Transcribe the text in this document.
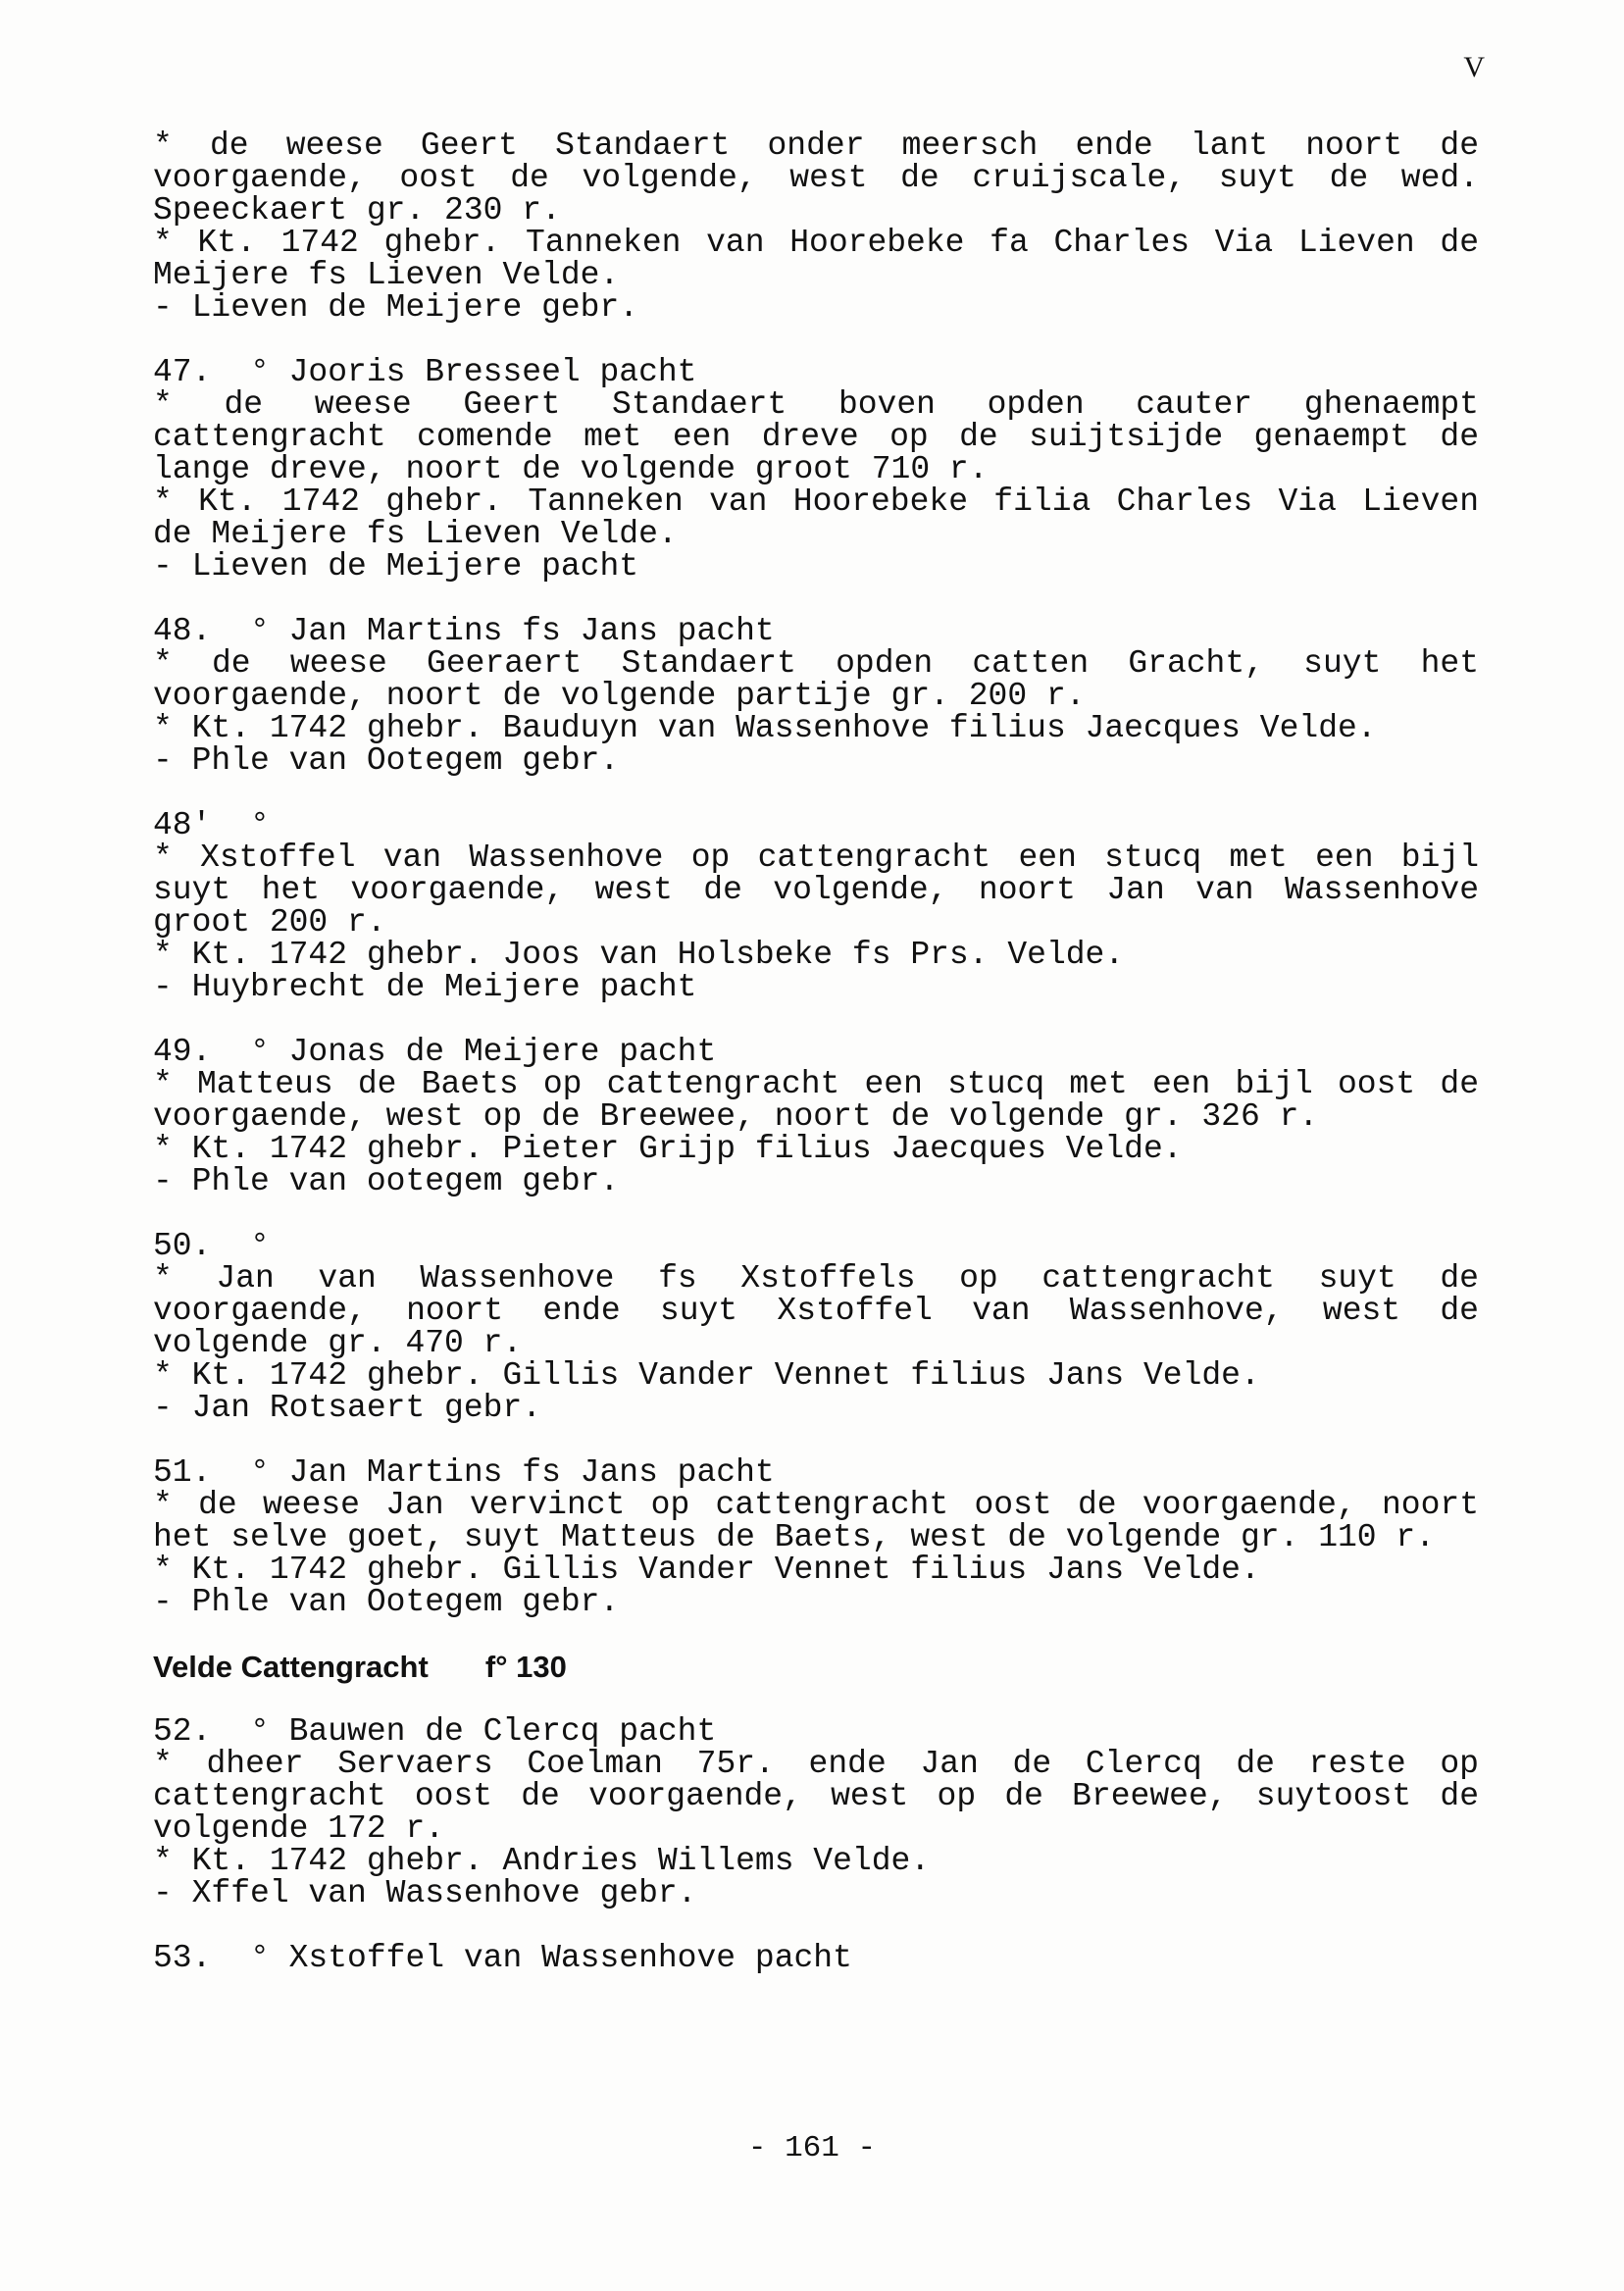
V
* de weese Geert Standaert onder meersch ende lant noort de
voorgaende, oost de volgende, west de cruijscale, suyt de wed.
Speeckaert gr. 230 r.
* Kt. 1742 ghebr. Tanneken van Hoorebeke fa Charles Via Lieven de
Meijere fs Lieven Velde.
- Lieven de Meijere gebr.
47.  ° Jooris Bresseel pacht
* de weese Geert Standaert boven opden cauter ghenaempt
cattengracht comende met een dreve op de suijtsijde genaempt de
lange dreve, noort de volgende groot 710 r.
* Kt. 1742 ghebr. Tanneken van Hoorebeke filia Charles Via Lieven
de Meijere fs Lieven Velde.
- Lieven de Meijere pacht
48.  ° Jan Martins fs Jans pacht
* de weese Geeraert Standaert opden catten Gracht, suyt het
voorgaende, noort de volgende partije gr. 200 r.
* Kt. 1742 ghebr. Bauduyn van Wassenhove filius Jaecques Velde.
- Phle van Ootegem gebr.
48'  °
* Xstoffel van Wassenhove op cattengracht een stucq met een bijl
suyt het voorgaende, west de volgende, noort Jan van Wassenhove
groot 200 r.
* Kt. 1742 ghebr. Joos van Holsbeke fs Prs. Velde.
- Huybrecht de Meijere pacht
49.  ° Jonas de Meijere pacht
* Matteus de Baets op cattengracht een stucq met een bijl oost de
voorgaende, west op de Breewee, noort de volgende gr. 326 r.
* Kt. 1742 ghebr. Pieter Grijp filius Jaecques Velde.
- Phle van ootegem gebr.
50.  °
* Jan van Wassenhove fs Xstoffels op cattengracht suyt de
voorgaende, noort ende suyt Xstoffel van Wassenhove, west de
volgende gr. 470 r.
* Kt. 1742 ghebr. Gillis Vander Vennet filius Jans Velde.
- Jan Rotsaert gebr.
51.  ° Jan Martins fs Jans pacht
* de weese Jan vervinct op cattengracht oost de voorgaende, noort
het selve goet, suyt Matteus de Baets, west de volgende gr. 110 r.
* Kt. 1742 ghebr. Gillis Vander Vennet filius Jans Velde.
- Phle van Ootegem gebr.
Velde Cattengracht f° 130
52.  ° Bauwen de Clercq pacht
* dheer Servaers Coelman 75r. ende Jan de Clercq de reste op
cattengracht oost de voorgaende, west op de Breewee, suytoost de
volgende 172 r.
* Kt. 1742 ghebr. Andries Willems Velde.
- Xffel van Wassenhove gebr.
53.  ° Xstoffel van Wassenhove pacht
- 161 -
